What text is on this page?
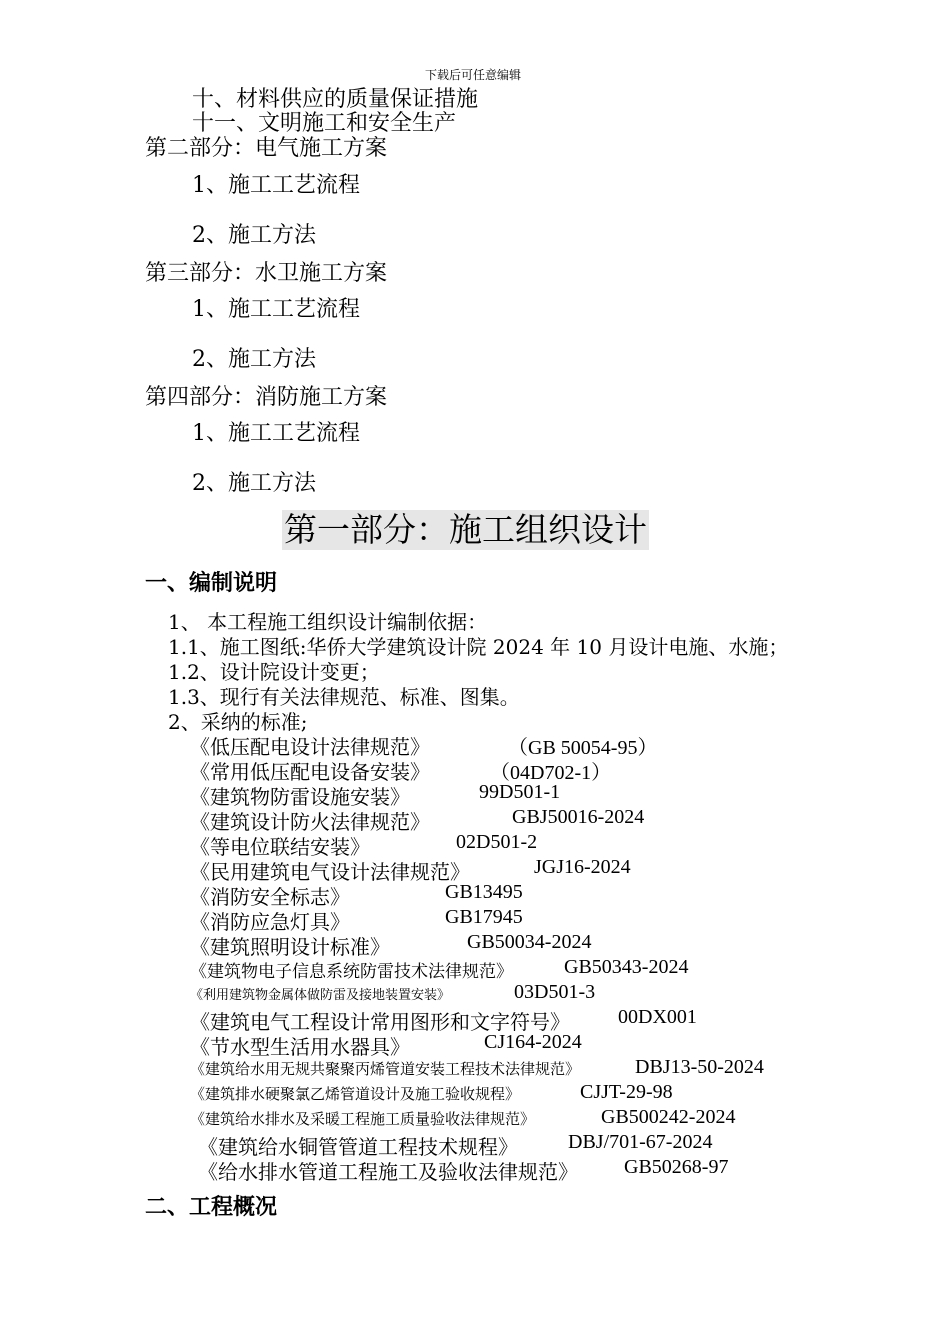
下载后可任意编辑
十、材料供应的质量保证措施
十一、文明施工和安全生产
第二部分：电气施工方案
1、施工工艺流程
2、施工方法
第三部分：水卫施工方案
1、施工工艺流程
2、施工方法
第四部分：消防施工方案
1、施工工艺流程
2、施工方法
第一部分：施工组织设计
一、编制说明
1、 本工程施工组织设计编制依据：
1.1、施工图纸:华侨大学建筑设计院 2024 年 10 月设计电施、水施；
1.2、设计院设计变更；
1.3、现行有关法律规范、标准、图集。
2、采纳的标准;
《低压配电设计法律规范》	（GB 50054-95）
《常用低压配电设备安装》	（04D702-1）
《建筑物防雷设施安装》	99D501-1
《建筑设计防火法律规范》	GBJ50016-2024
《等电位联结安装》	02D501-2
《民用建筑电气设计法律规范》	JGJ16-2024
《消防安全标志》	GB13495
《消防应急灯具》	GB17945
《建筑照明设计标准》	GB50034-2024
《建筑物电子信息系统防雷技术法律规范》	GB50343-2024
《利用建筑物金属体做防雷及接地装置安装》	03D501-3
《建筑电气工程设计常用图形和文字符号》 00DX001
《节水型生活用水器具》	CJ164-2024
《建筑给水用无规共聚聚丙烯管道安装工程技术法律规范》	DBJ13-50-2024
《建筑排水硬聚氯乙烯管道设计及施工验收规程》	CJJT-29-98
《建筑给水排水及采暖工程施工质量验收法律规范》	GB500242-2024
《建筑给水铜管管道工程技术规程》	DBJ/701-67-2024
《给水排水管道工程施工及验收法律规范》 GB50268-97
二、工程概况
